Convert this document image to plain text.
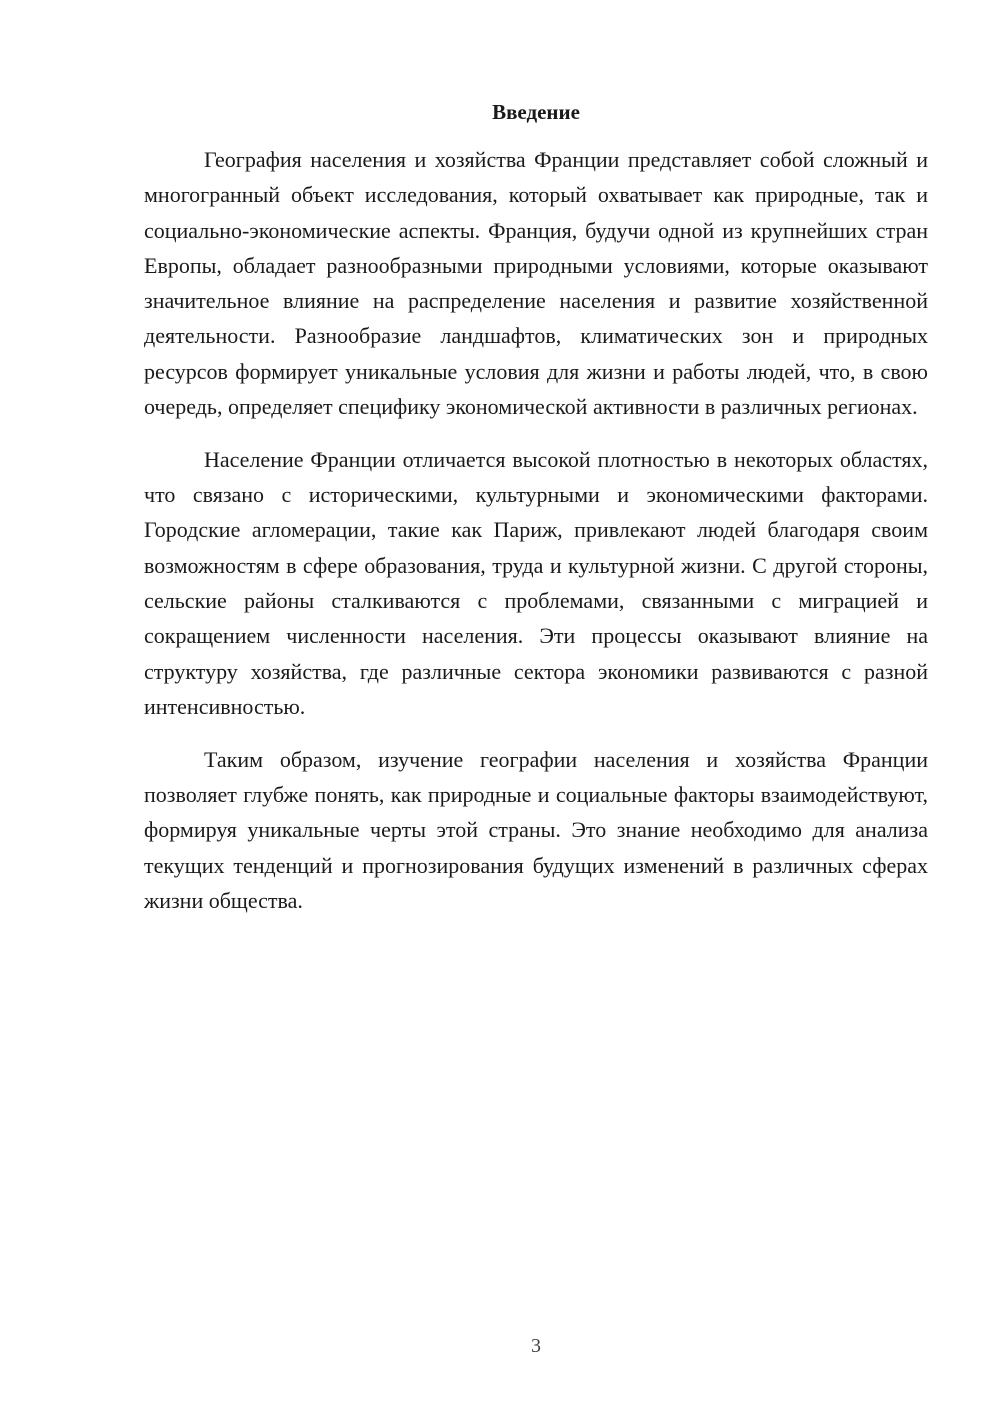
Введение

География населения и хозяйства Франции представляет собой сложный и многогранный объект исследования, который охватывает как природные, так и социально-экономические аспекты. Франция, будучи одной из крупнейших стран Европы, обладает разнообразными природными условиями, которые оказывают значительное влияние на распределение населения и развитие хозяйственной деятельности. Разнообразие ландшафтов, климатических зон и природных ресурсов формирует уникальные условия для жизни и работы людей, что, в свою очередь, определяет специфику экономической активности в различных регионах.

Население Франции отличается высокой плотностью в некоторых областях, что связано с историческими, культурными и экономическими факторами. Городские агломерации, такие как Париж, привлекают людей благодаря своим возможностям в сфере образования, труда и культурной жизни. С другой стороны, сельские районы сталкиваются с проблемами, связанными с миграцией и сокращением численности населения. Эти процессы оказывают влияние на структуру хозяйства, где различные сектора экономики развиваются с разной интенсивностью.

Таким образом, изучение географии населения и хозяйства Франции позволяет глубже понять, как природные и социальные факторы взаимодействуют, формируя уникальные черты этой страны. Это знание необходимо для анализа текущих тенденций и прогнозирования будущих изменений в различных сферах жизни общества.

3
